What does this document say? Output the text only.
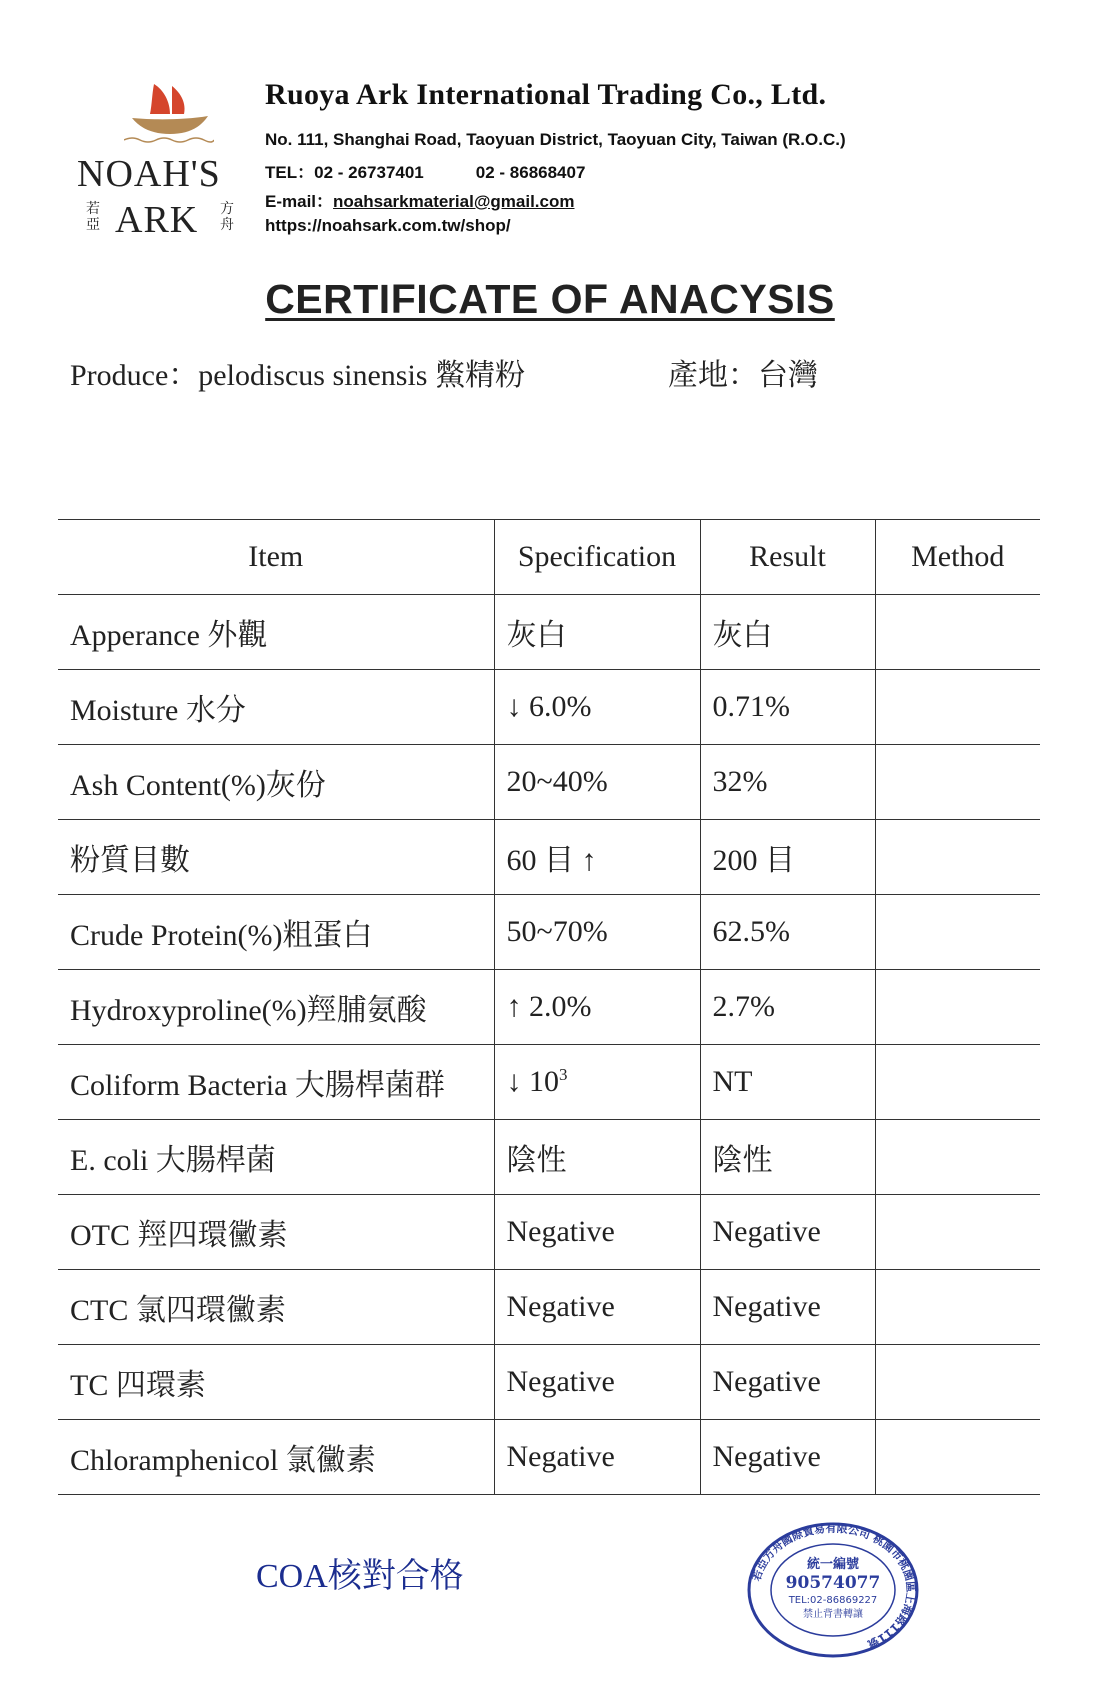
NOAH'S
若亞 ARK 方舟
Ruoya Ark International Trading Co., Ltd.
No. 111, Shanghai Road, Taoyuan District, Taoyuan City, Taiwan (R.O.C.)
TEL：02 - 26737401	02 - 86868407
E-mail：noahsarkmaterial@gmail.com
https://noahsark.com.tw/shop/
CERTIFICATE OF ANACYSIS
Produce：pelodiscus sinensis 鱉精粉	產地：台灣
Item	Specification	Result	Method
Apperance 外觀	灰白	灰白	
Moisture 水分	↓ 6.0%	0.71%	
Ash Content(%)灰份	20~40%	32%	
粉質目數	60 目 ↑	200 目	
Crude Protein(%)粗蛋白	50~70%	62.5%	
Hydroxyproline(%)羥脯氨酸	↑ 2.0%	2.7%	
Coliform Bacteria 大腸桿菌群	↓ $10^3$	NT	
E. coli 大腸桿菌	陰性	陰性	
OTC 羥四環黴素	Negative	Negative	
CTC 氯四環黴素	Negative	Negative	
TC 四環素	Negative	Negative	
Chloramphenicol 氯黴素	Negative	Negative	
COA核對合格	若亞方舟國際貿易有限公司 桃園市桃園區上海路111號
統一編號
90574077
TEL:02-86869227
禁止背書轉讓
